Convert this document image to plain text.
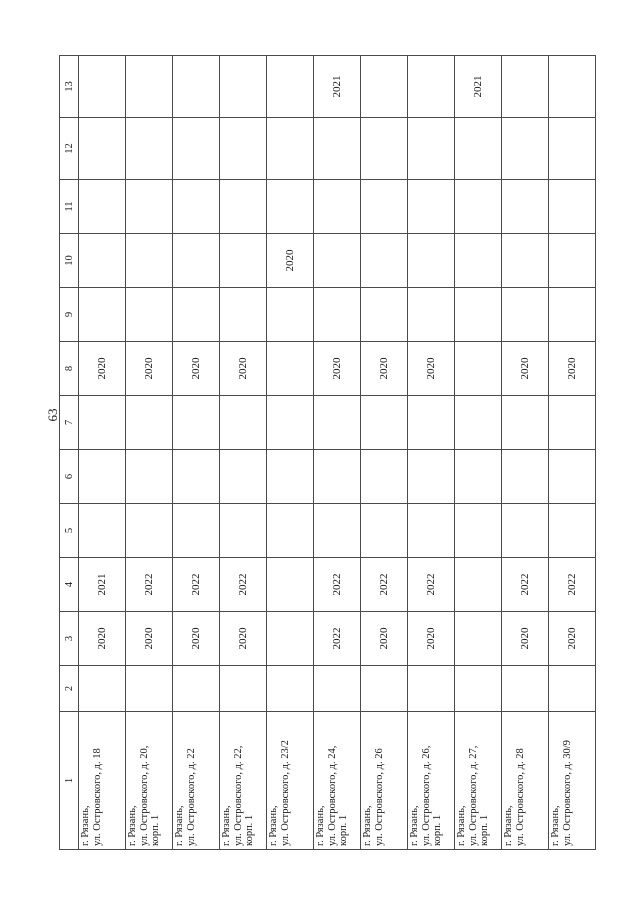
63
1	2	3	4	5	6	7	8	9	10	11	12	13

г. Рязань, ул. Островского, д. 18		2020	2021				2020					

г. Рязань, ул. Островского, д. 20, корп. 1		2020	2022				2020					

г. Рязань, ул. Островского, д. 22		2020	2022				2020					

г. Рязань, ул. Островского, д. 22, корп. 1		2020	2022				2020					

г. Рязань, ул. Островского, д. 23/2									2020			

г. Рязань, ул. Островского, д. 24, корп. 1		2022	2022				2020					2021

г. Рязань, ул. Островского, д. 26		2020	2022				2020					

г. Рязань, ул. Островского, д. 26, корп. 1		2020	2022				2020					

г. Рязань, ул. Островского, д. 27, корп. 1												2021

г. Рязань, ул. Островского, д. 28		2020	2022				2020					

г. Рязань, ул. Островского, д. 30/9		2020	2022				2020					
